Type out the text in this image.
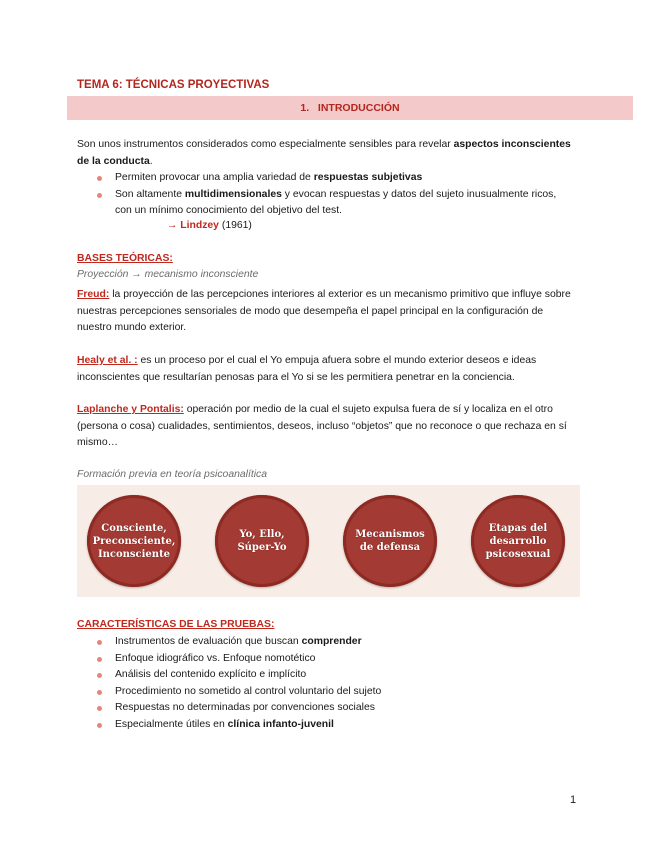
TEMA 6: TÉCNICAS PROYECTIVAS
1. INTRODUCCIÓN
Son unos instrumentos considerados como especialmente sensibles para revelar aspectos inconscientes de la conducta.
Permiten provocar una amplia variedad de respuestas subjetivas
Son altamente multidimensionales y evocan respuestas y datos del sujeto inusualmente ricos, con un mínimo conocimiento del objetivo del test.
→ Lindzey (1961)
BASES TEÓRICAS:
Proyección → mecanismo inconsciente
Freud: la proyección de las percepciones interiores al exterior es un mecanismo primitivo que influye sobre nuestras percepciones sensoriales de modo que desempeña el papel principal en la configuración de nuestro mundo exterior.
Healy et al. : es un proceso por el cual el Yo empuja afuera sobre el mundo exterior deseos e ideas inconscientes que resultarían penosas para el Yo si se les permitiera penetrar en la conciencia.
Laplanche y Pontalis: operación por medio de la cual el sujeto expulsa fuera de sí y localiza en el otro (persona o cosa) cualidades, sentimientos, deseos, incluso “objetos” que no reconoce o que rechaza en sí mismo…
Formación previa en teoría psicoanalítica
Consciente,
Preconsciente,
Inconsciente
Yo, Ello,
Súper-Yo
Mecanismos
de defensa
Etapas del
desarrollo
psicosexual
CARACTERÍSTICAS DE LAS PRUEBAS:
Instrumentos de evaluación que buscan comprender
Enfoque idiográfico vs. Enfoque nomotético
Análisis del contenido explícito e implícito
Procedimiento no sometido al control voluntario del sujeto
Respuestas no determinadas por convenciones sociales
Especialmente útiles en clínica infanto-juvenil
1
